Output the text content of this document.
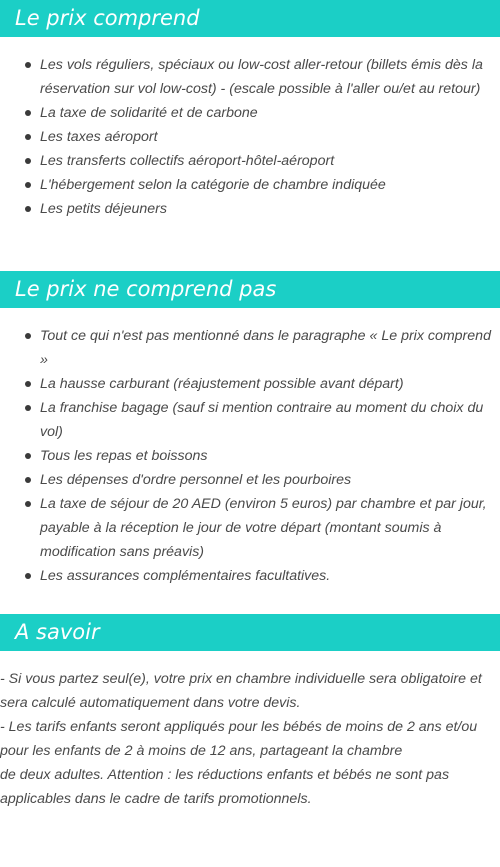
Le prix comprend
Les vols réguliers, spéciaux ou low-cost aller-retour (billets émis dès la réservation sur vol low-cost) - (escale possible à l'aller ou/et au retour)
La taxe de solidarité et de carbone
Les taxes aéroport
Les transferts collectifs aéroport-hôtel-aéroport
L'hébergement selon la catégorie de chambre indiquée
Les petits déjeuners
Le prix ne comprend pas
Tout ce qui n'est pas mentionné dans le paragraphe « Le prix comprend »
La hausse carburant (réajustement possible avant départ)
La franchise bagage (sauf si mention contraire au moment du choix du vol)
Tous les repas et boissons
Les dépenses d'ordre personnel et les pourboires
La taxe de séjour de 20 AED (environ 5 euros) par chambre et par jour, payable à la réception le jour de votre départ (montant soumis à modification sans préavis)
Les assurances complémentaires facultatives.
A savoir

- Si vous partez seul(e), votre prix en chambre individuelle sera obligatoire et sera calculé automatiquement dans votre devis.

- Les tarifs enfants seront appliqués pour les bébés de moins de 2 ans et/ou pour les enfants de 2 à moins de 12 ans, partageant la chambre

de deux adultes. Attention : les réductions enfants et bébés ne sont pas applicables dans le cadre de tarifs promotionnels.
